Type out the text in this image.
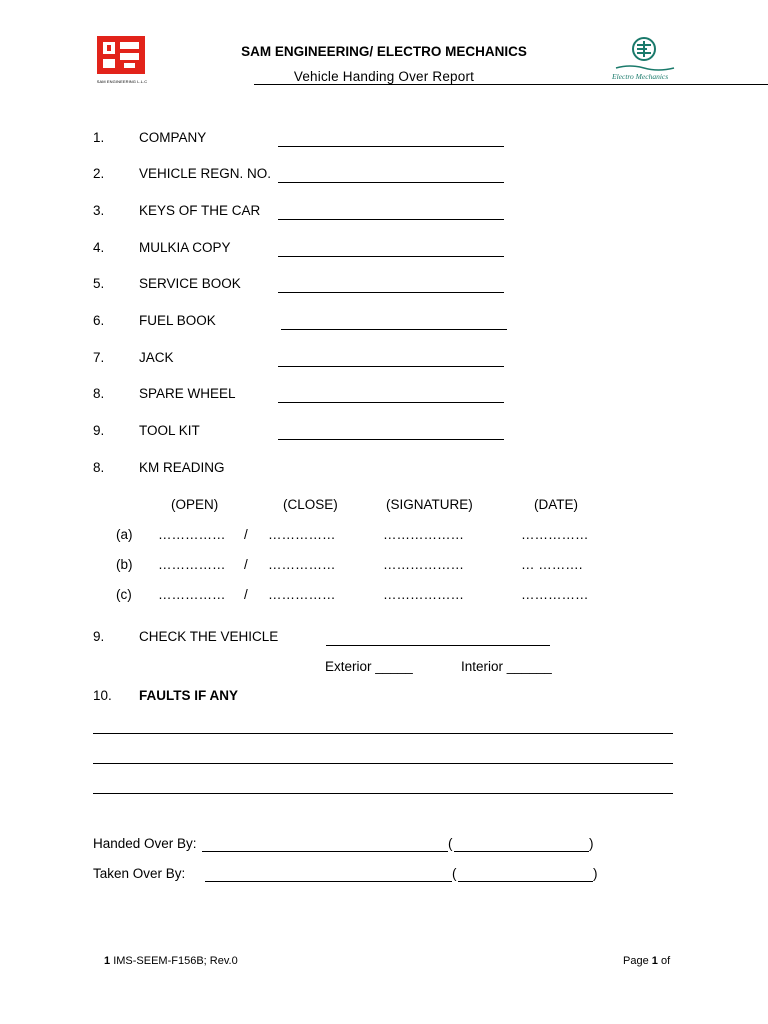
SAM ENGINEERING L.L.C
SAM ENGINEERING/ ELECTRO MECHANICS
Vehicle Handing Over Report	Electro Mechanics
1.	COMPANY
2.	VEHICLE REGN. NO.
3.	KEYS OF THE CAR
4.	MULKIA COPY
5.	SERVICE BOOK
6.	FUEL BOOK
7.	JACK
8.	SPARE WHEEL
9.	TOOL KIT
8.	KM READING
(OPEN)	(CLOSE)	(SIGNATURE)	(DATE)
(a) …………… / ……………	………………	……………
(b) …………… / ……………	………………	… ……….
(c) …………… / ……………	………………	……………
9.	CHECK THE VEHICLE
Exterior _____	Interior ______
10. FAULTS IF ANY
Handed Over By:	(	)
Taken Over By:	(	)
1 IMS-SEEM-F156B; Rev.0	Page 1 of
